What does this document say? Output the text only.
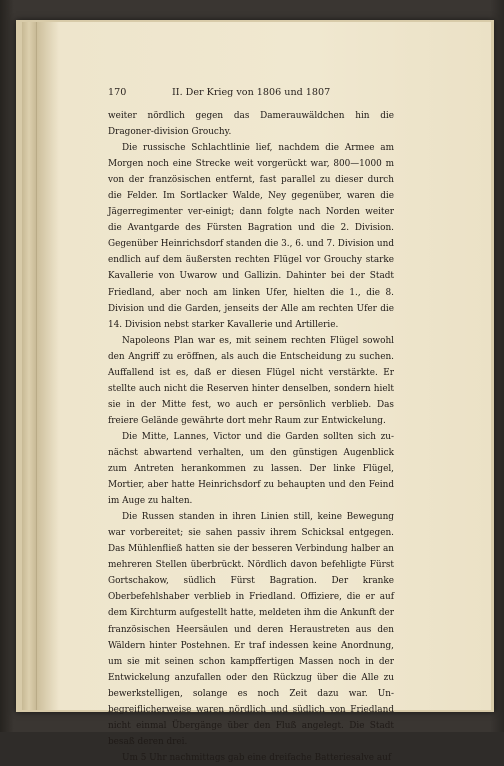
170	II. Der Krieg von 1806 und 1807

weiter nördlich gegen das Damerauwäldchen hin die Dragoner-division Grouchy.

Die russische Schlachtlinie lief, nachdem die Armee am Morgen noch eine Strecke weit vorgerückt war, 800—1000 m von der französischen entfernt, fast parallel zu dieser durch die Felder. Im Sortlacker Walde, Ney gegenüber, waren die Jägerregimenter ver-einigt; dann folgte nach Norden weiter die Avantgarde des Fürsten Bagration und die 2. Division. Gegenüber Heinrichsdorf standen die 3., 6. und 7. Division und endlich auf dem äußersten rechten Flügel vor Grouchy starke Kavallerie von Uwarow und Gallizin. Dahinter bei der Stadt Friedland, aber noch am linken Ufer, hielten die 1., die 8. Division und die Garden, jenseits der Alle am rechten Ufer die 14. Division nebst starker Kavallerie und Artillerie.

Napoleons Plan war es, mit seinem rechten Flügel sowohl den Angriff zu eröffnen, als auch die Entscheidung zu suchen. Auffallend ist es, daß er diesen Flügel nicht verstärkte. Er stellte auch nicht die Reserven hinter denselben, sondern hielt sie in der Mitte fest, wo auch er persönlich verblieb. Das freiere Gelände gewährte dort mehr Raum zur Entwickelung.

Die Mitte, Lannes, Victor und die Garden sollten sich zu-nächst abwartend verhalten, um den günstigen Augenblick zum Antreten herankommen zu lassen. Der linke Flügel, Mortier, aber hatte Heinrichsdorf zu behaupten und den Feind im Auge zu halten.

Die Russen standen in ihren Linien still, keine Bewegung war vorbereitet; sie sahen passiv ihrem Schicksal entgegen. Das Mühlenfließ hatten sie der besseren Verbindung halber an mehreren Stellen überbrückt. Nördlich davon befehligte Fürst Gortschakow, südlich Fürst Bagration. Der kranke Oberbefehlshaber verblieb in Friedland. Offiziere, die er auf dem Kirchturm aufgestellt hatte, meldeten ihm die Ankunft der französischen Heersäulen und deren Heraustreten aus den Wäldern hinter Postehnen. Er traf indessen keine Anordnung, um sie mit seinen schon kampffertigen Massen noch in der Entwickelung anzufallen oder den Rückzug über die Alle zu bewerkstelligen, solange es noch Zeit dazu war. Un-begreiflicherweise waren nördlich und südlich von Friedland nicht einmal Übergänge über den Fluß angelegt. Die Stadt besaß deren drei.

Um 5 Uhr nachmittags gab eine dreifache Batteriesalve auf
